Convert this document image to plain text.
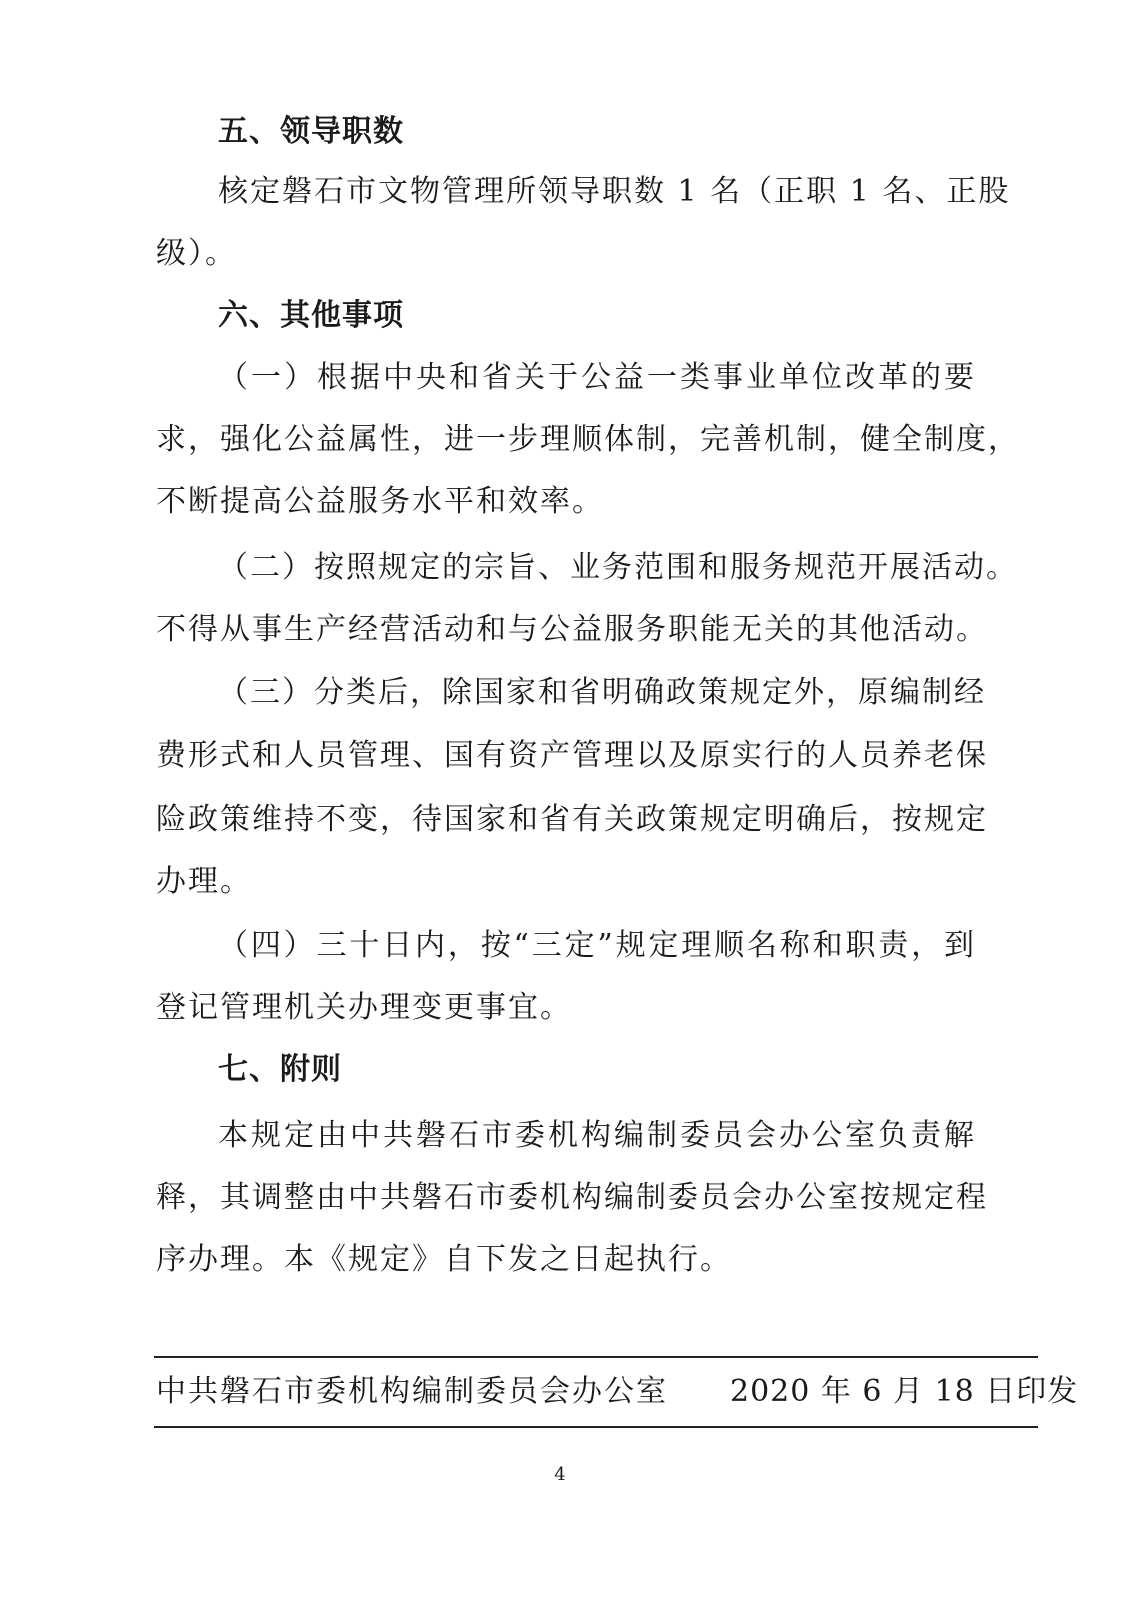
五、领导职数
核定磐石市文物管理所领导职数 1 名（正职 1 名、正股
级）。
六、其他事项
（一）根据中央和省关于公益一类事业单位改革的要
求，强化公益属性，进一步理顺体制，完善机制，健全制度，
不断提高公益服务水平和效率。
（二）按照规定的宗旨、业务范围和服务规范开展活动。
不得从事生产经营活动和与公益服务职能无关的其他活动。
（三）分类后，除国家和省明确政策规定外，原编制经
费形式和人员管理、国有资产管理以及原实行的人员养老保
险政策维持不变，待国家和省有关政策规定明确后，按规定
办理。
（四）三十日内，按“三定”规定理顺名称和职责，到
登记管理机关办理变更事宜。
七、附则
本规定由中共磐石市委机构编制委员会办公室负责解
释，其调整由中共磐石市委机构编制委员会办公室按规定程
序办理。本《规定》自下发之日起执行。
中共磐石市委机构编制委员会办公室 2020 年 6 月 18 日印发
4
